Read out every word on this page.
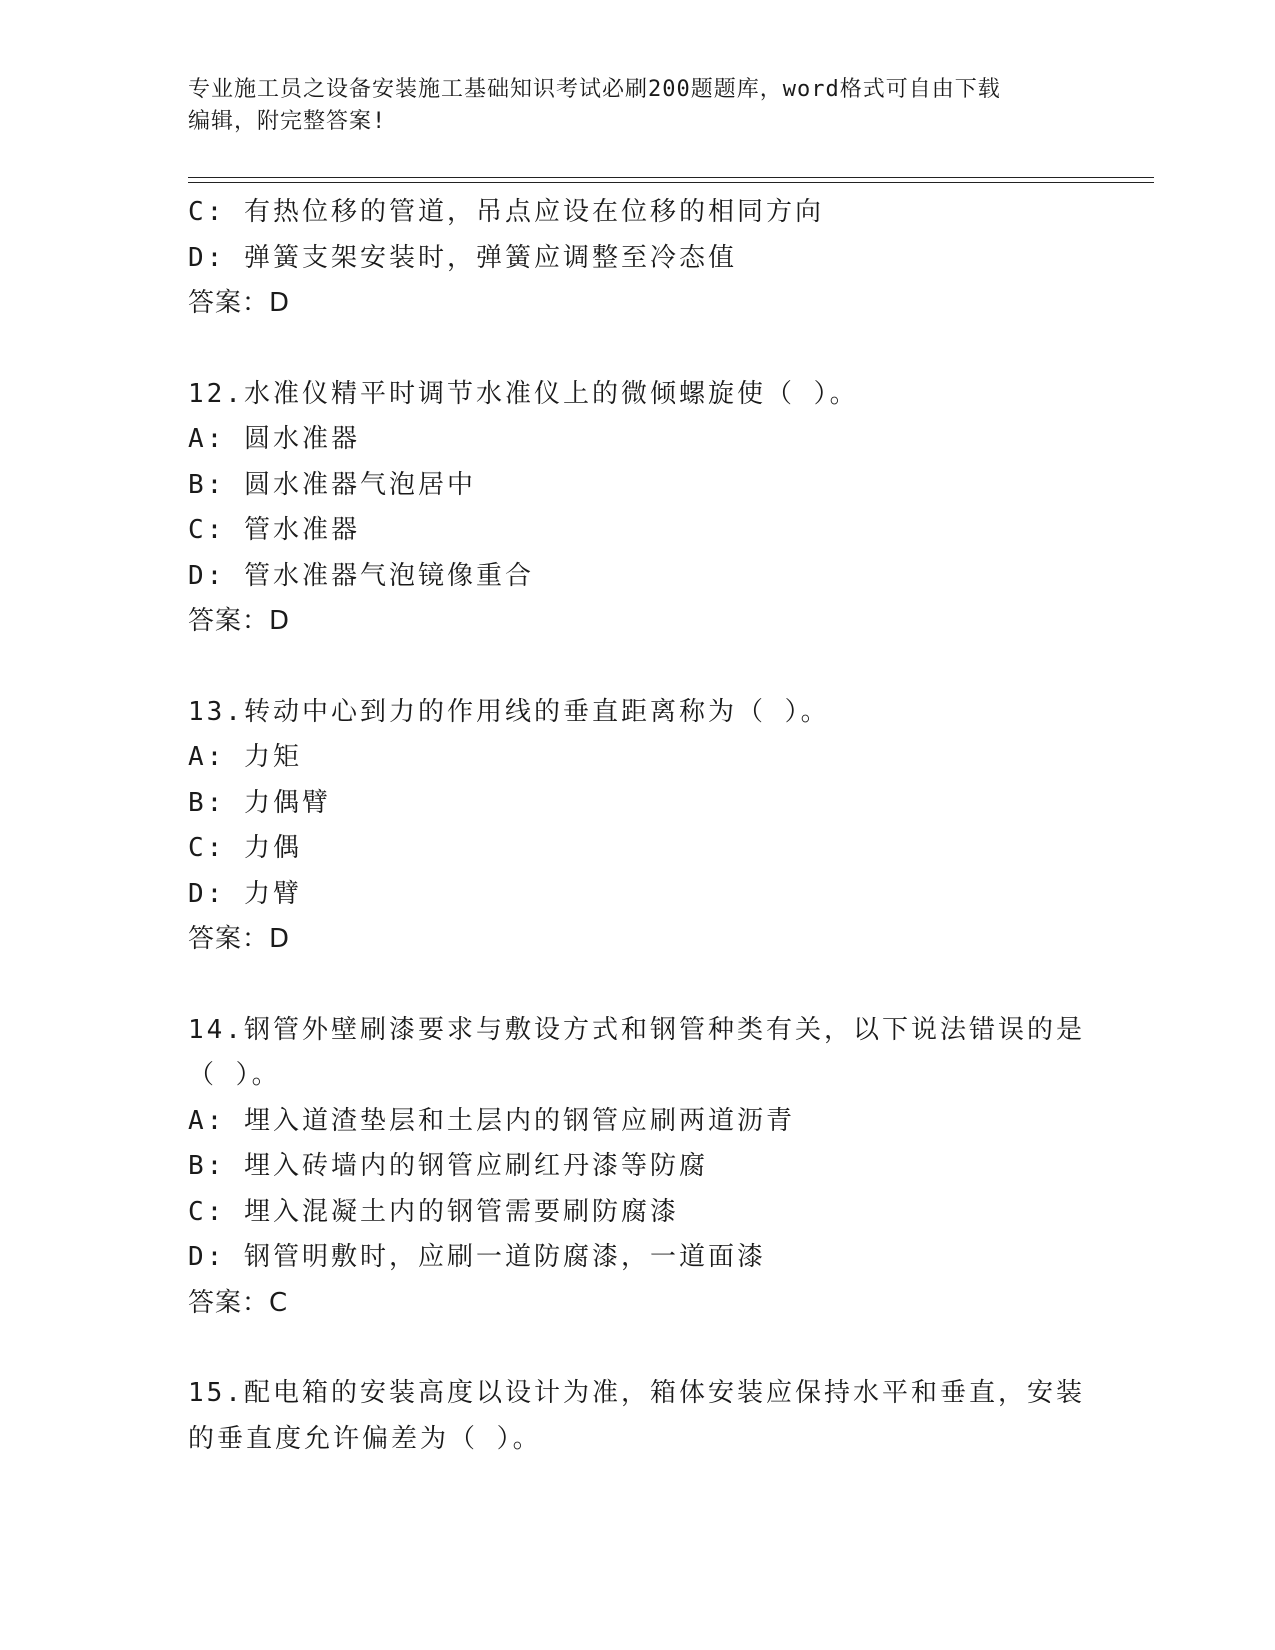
专业施工员之设备安装施工基础知识考试必刷200题题库，word格式可自由下载
编辑，附完整答案!
C: 有热位移的管道，吊点应设在位移的相同方向
D: 弹簧支架安装时，弹簧应调整至冷态值
答案：D
12.水准仪精平时调节水准仪上的微倾螺旋使（ ）。
A: 圆水准器
B: 圆水准器气泡居中
C: 管水准器
D: 管水准器气泡镜像重合
答案：D
13.转动中心到力的作用线的垂直距离称为（ ）。
A: 力矩
B: 力偶臂
C: 力偶
D: 力臂
答案：D
14.钢管外壁刷漆要求与敷设方式和钢管种类有关，以下说法错误的是
（ ）。
A: 埋入道渣垫层和土层内的钢管应刷两道沥青
B: 埋入砖墙内的钢管应刷红丹漆等防腐
C: 埋入混凝土内的钢管需要刷防腐漆
D: 钢管明敷时，应刷一道防腐漆，一道面漆
答案：C
15.配电箱的安装高度以设计为准，箱体安装应保持水平和垂直，安装
的垂直度允许偏差为（ ）。
